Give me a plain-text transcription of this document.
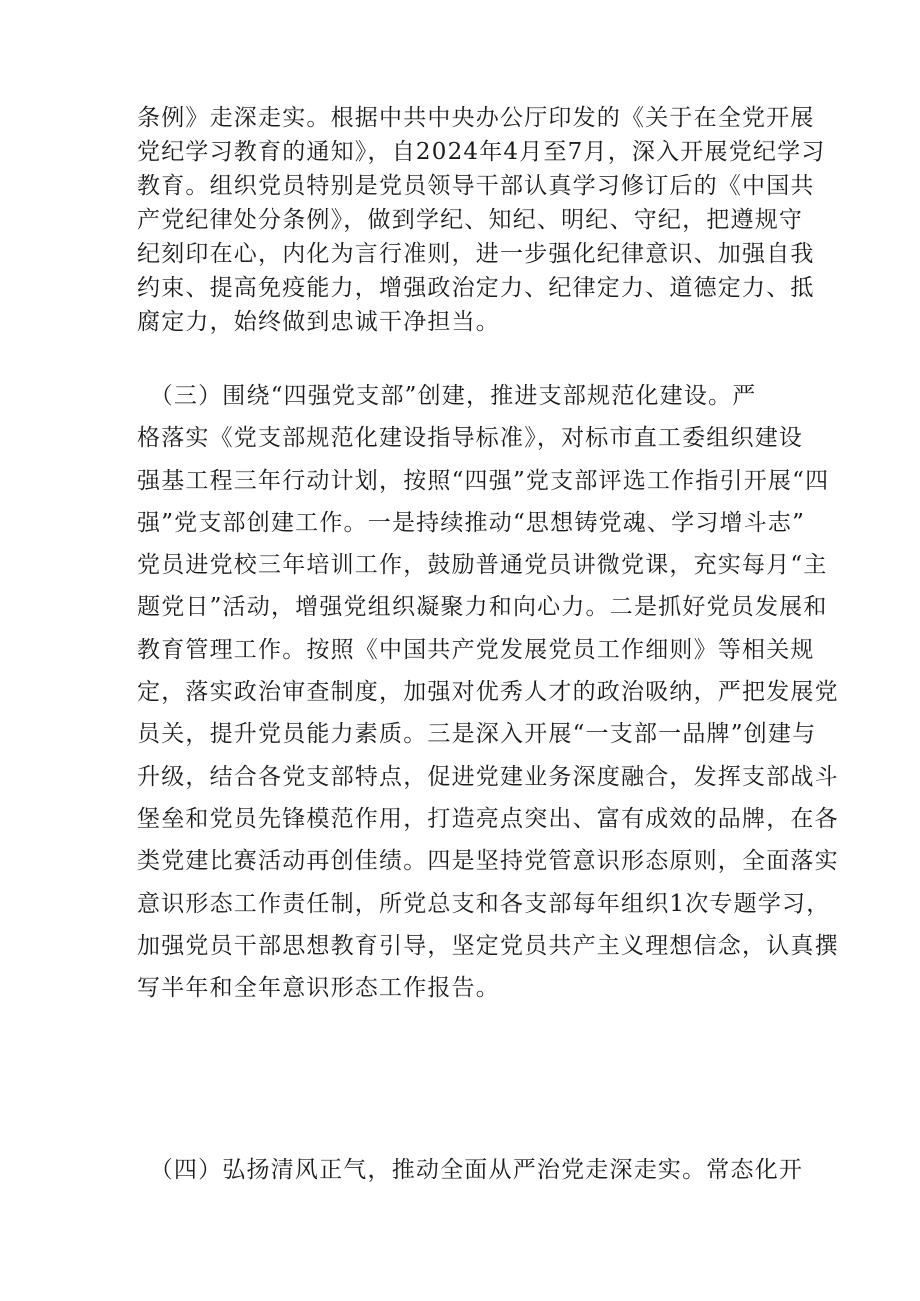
条例》走深走实。根据中共中央办公厅印发的《关于在全党开展
党纪学习教育的通知》，自2024年4月至7月，深入开展党纪学习
教育。组织党员特别是党员领导干部认真学习修订后的《中国共
产党纪律处分条例》，做到学纪、知纪、明纪、守纪，把遵规守
纪刻印在心，内化为言行准则，进一步强化纪律意识、加强自我
约束、提高免疫能力，增强政治定力、纪律定力、道德定力、抵
腐定力，始终做到忠诚干净担当。
　（三）围绕“四强党支部”创建，推进支部规范化建设。严
格落实《党支部规范化建设指导标准》，对标市直工委组织建设
强基工程三年行动计划，按照“四强”党支部评选工作指引开展“四
强”党支部创建工作。一是持续推动“思想铸党魂、学习增斗志”
党员进党校三年培训工作，鼓励普通党员讲微党课，充实每月“主
题党日”活动，增强党组织凝聚力和向心力。二是抓好党员发展和
教育管理工作。按照《中国共产党发展党员工作细则》等相关规
定，落实政治审查制度，加强对优秀人才的政治吸纳，严把发展党
员关，提升党员能力素质。三是深入开展“一支部一品牌”创建与
升级，结合各党支部特点，促进党建业务深度融合，发挥支部战斗
堡垒和党员先锋模范作用，打造亮点突出、富有成效的品牌，在各
类党建比赛活动再创佳绩。四是坚持党管意识形态原则，全面落实
意识形态工作责任制，所党总支和各支部每年组织1次专题学习，
加强党员干部思想教育引导，坚定党员共产主义理想信念，认真撰
写半年和全年意识形态工作报告。
　（四）弘扬清风正气，推动全面从严治党走深走实。常态化开
